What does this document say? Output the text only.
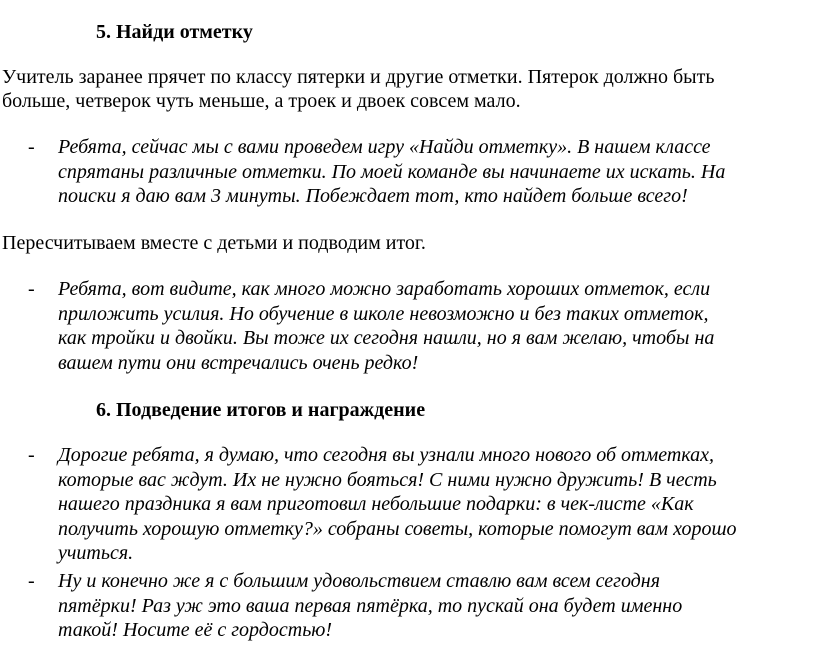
5. Найди отметку
Учитель заранее прячет по классу пятерки и другие отметки. Пятерок должно быть
больше, четверок чуть меньше, а троек и двоек совсем мало.
- Ребята, сейчас мы с вами проведем игру «Найди отметку». В нашем классе
спрятаны различные отметки. По моей команде вы начинаете их искать. На
поиски я даю вам 3 минуты. Побеждает тот, кто найдет больше всего!
Пересчитываем вместе с детьми и подводим итог.
- Ребята, вот видите, как много можно заработать хороших отметок, если
приложить усилия. Но обучение в школе невозможно и без таких отметок,
как тройки и двойки. Вы тоже их сегодня нашли, но я вам желаю, чтобы на
вашем пути они встречались очень редко!
6. Подведение итогов и награждение
- Дорогие ребята, я думаю, что сегодня вы узнали много нового об отметках,
которые вас ждут. Их не нужно бояться! С ними нужно дружить! В честь
нашего праздника я вам приготовил небольшие подарки: в чек-листе «Как
получить хорошую отметку?» собраны советы, которые помогут вам хорошо
учиться.
- Ну и конечно же я с большим удовольствием ставлю вам всем сегодня
пятёрки! Раз уж это ваша первая пятёрка, то пускай она будет именно
такой! Носите её с гордостью!
